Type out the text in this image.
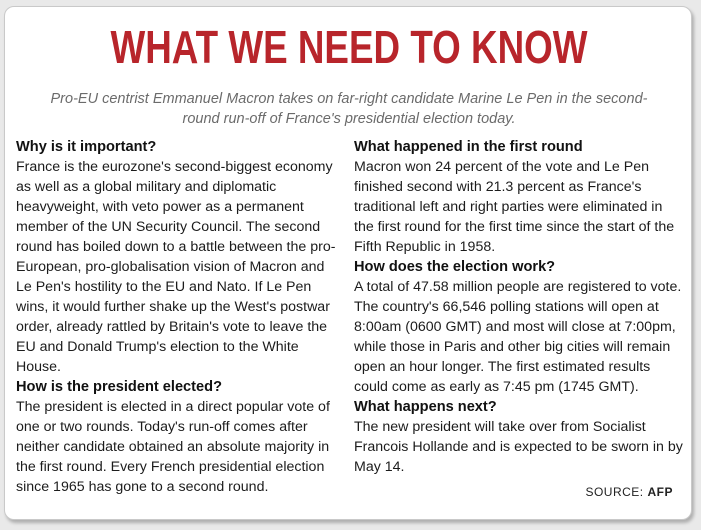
WHAT WE NEED TO KNOW
Pro-EU centrist Emmanuel Macron takes on far-right candidate Marine Le Pen in the second-round run-off of France's presidential election today.
Why is it important?

France is the eurozone's second-biggest economy as well as a global military and diplomatic heavyweight, with veto power as a permanent member of the UN Security Council. The second round has boiled down to a battle between the pro-European, pro-globalisation vision of Macron and Le Pen's hostility to the EU and Nato. If Le Pen wins, it would further shake up the West's postwar order, already rattled by Britain's vote to leave the EU and Donald Trump's election to the White House.

How is the president elected?

The president is elected in a direct popular vote of one or two rounds. Today's run-off comes after neither candidate obtained an absolute majority in the first round. Every French presidential election since 1965 has gone to a second round.

What happened in the first round

Macron won 24 percent of the vote and Le Pen finished second with 21.3 percent as France's traditional left and right parties were eliminated in the first round for the first time since the start of the Fifth Republic in 1958.

How does the election work?

A total of 47.58 million people are registered to vote. The country's 66,546 polling stations will open at 8:00am (0600 GMT) and most will close at 7:00pm, while those in Paris and other big cities will remain open an hour longer. The first estimated results could come as early as 7:45 pm (1745 GMT).

What happens next?

The new president will take over from Socialist Francois Hollande and is expected to be sworn in by May 14.

SOURCE: AFP
